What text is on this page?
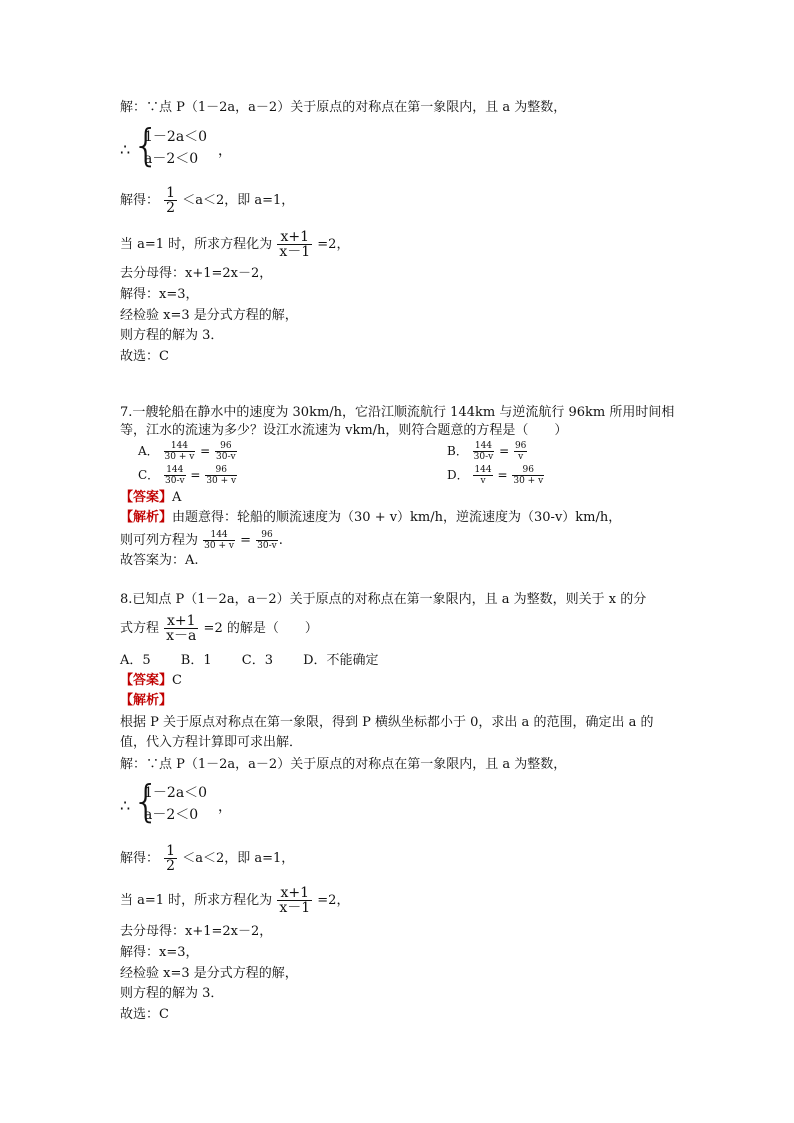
解：∵点 P（1－2a，a－2）关于原点的对称点在第一象限内，且 a 为整数，
∴ {
1－2a＜0
a－2＜0 ，
解得： $\frac{1}{2} <a<2$，即 a=1，
当 a=1 时，所求方程化为 $\frac{x+1}{x-1} =2$，
去分母得：x+1=2x－2，
解得：x=3，
经检验 x=3 是分式方程的解，
则方程的解为 3．
故选：C
7.一艘轮船在静水中的速度为 30km/h，它沿江顺流航行 144km 与逆流航行 96km 所用时间相
等，江水的流速为多少？设江水流速为 vkm/h，则符合题意的方程是（　　）
A． $\frac{144}{30 + v} = \frac{96}{30-v}$	B． $\frac{144}{30-v} = \frac{96}{v}$
C． $\frac{144}{30-v} = \frac{96}{30 + v}$	D． $\frac{144}{v} = \frac{96}{30 + v}$
【答案】A
【解析】由题意得：轮船的顺流速度为（30 + v）km/h，逆流速度为（30-v）km/h，
则可列方程为 $\frac{144}{30 + v} = \frac{96}{30-v}$ .
故答案为：A.
8.已知点 P（1－2a，a－2）关于原点的对称点在第一象限内，且 a 为整数，则关于 x 的分
式方程 $\frac{x+1}{x-a} =2$ 的解是（　　）
A．5　　 B．1　　 C．3　　 D．不能确定
【答案】C
【解析】
根据 P 关于原点对称点在第一象限，得到 P 横纵坐标都小于 0，求出 a 的范围，确定出 a 的
值，代入方程计算即可求出解．
解：∵点 P（1－2a，a－2）关于原点的对称点在第一象限内，且 a 为整数，
∴ {
1－2a＜0
a－2＜0 ，
解得： $\frac{1}{2} <a<2$，即 a=1，
当 a=1 时，所求方程化为 $\frac{x+1}{x-1} =2$，
去分母得：x+1=2x－2，
解得：x=3，
经检验 x=3 是分式方程的解，
则方程的解为 3．
故选：C
